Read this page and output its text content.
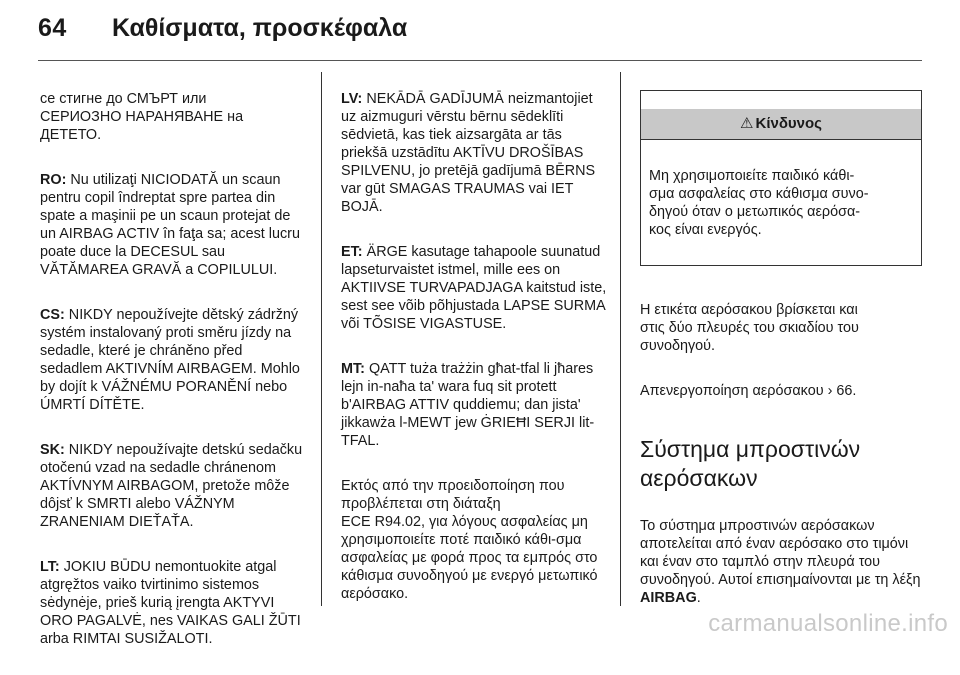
64 Καθίσματα, προσκέφαλα

се стигне до СМЪРТ или
СЕРИОЗНО НАРАНЯВАНЕ на
ДЕТЕТО.

RO: Nu utilizaţi NICIODATĂ un scaun pentru copil îndreptat spre partea din spate a maşinii pe un scaun protejat de un AIRBAG ACTIV în faţa sa; acest lucru poate duce la DECESUL sau VĂTĂMAREA GRAVĂ a COPILULUI.

CS: NIKDY nepoužívejte dětský zádržný systém instalovaný proti směru jízdy na sedadle, které je chráněno před sedadlem AKTIVNÍM AIRBAGEM. Mohlo by dojít k VÁŽNÉMU PORANĚNÍ nebo ÚMRTÍ DÍTĚTE.

SK: NIKDY nepoužívajte detskú sedačku otočenú vzad na sedadle chránenom AKTÍVNYM AIRBAGOM, pretože môže dôjsť k SMRTI alebo VÁŽNYM ZRANENIAM DIEŤAŤA.

LT: JOKIU BŪDU nemontuokite atgal atgręžtos vaiko tvirtinimo sistemos sėdynėje, prieš kurią įrengta AKTYVI ORO PAGALVĖ, nes VAIKAS GALI ŽŪTI arba RIMTAI SUSIŽALOTI.

LV: NEKĀDĀ GADĪJUMĀ neizmantojiet uz aizmuguri vērstu bērnu sēdeklīti sēdvietā, kas tiek aizsargāta ar tās priekšā uzstādītu AKTĪVU DROŠĪBAS SPILVENU, jo pretējā gadījumā BĒRNS var gūt SMAGAS TRAUMAS vai IET BOJĀ.

ET: ÄRGE kasutage tahapoole suunatud lapseturvaistet istmel, mille ees on AKTIIVSE TURVAPADJAGA kaitstud iste, sest see võib põhjustada LAPSE SURMA või TÕSISE VIGASTUSE.

MT: QATT tuża trażżin għat-tfal li jħares lejn in-naħa ta' wara fuq sit protett b'AIRBAG ATTIV quddiemu; dan jista' jikkawża l-MEWT jew ĠRIEĦI SERJI lit-TFAL.

Εκτός από την προειδοποίηση που προβλέπεται στη διάταξη
ECE R94.02, για λόγους ασφαλείας μη χρησιμοποιείτε ποτέ παιδικό κάθι-σμα ασφαλείας με φορά προς τα εμπρός στο κάθισμα συνοδηγού με ενεργό μετωπικό αερόσακο.

⚠ Κίνδυνος

Μη χρησιμοποιείτε παιδικό κάθι-
σμα ασφαλείας στο κάθισμα συνο-
δηγού όταν ο μετωπικός αερόσα-
κος είναι ενεργός.

Η ετικέτα αερόσακου βρίσκεται και
στις δύο πλευρές του σκιαδίου του
συνοδηγού.

Απενεργοποίηση αερόσακου › 66.

Σύστημα μπροστινών
αερόσακων

Το σύστημα μπροστινών αερόσακων αποτελείται από έναν αερόσακο στο τιμόνι και έναν στο ταμπλό στην πλευρά του συνοδηγού. Αυτοί επισημαίνονται με τη λέξη AIRBAG.

carmanualsonline.info
